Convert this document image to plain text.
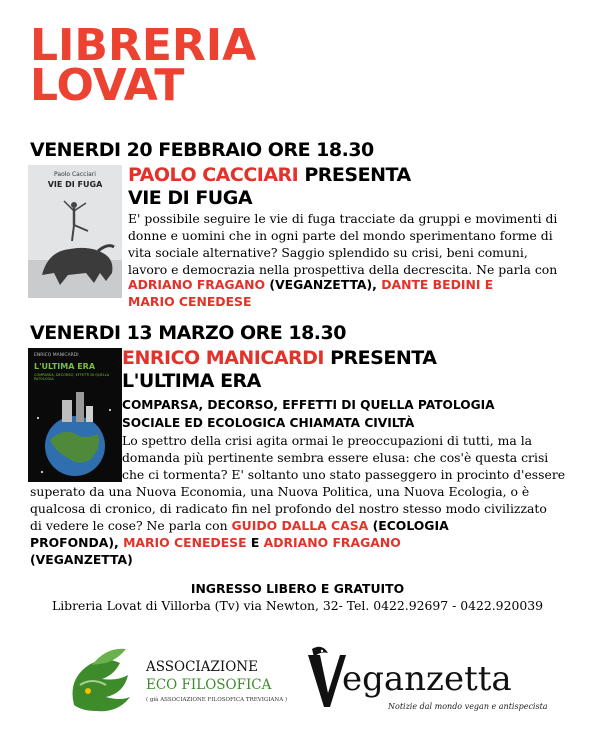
LIBRERIA
LOVAT
VENERDI 20 FEBBRAIO ORE 18.30
Paolo Cacciari
VIE DI FUGA	PAOLO CACCIARI PRESENTA
VIE DI FUGA
E' possibile seguire le vie di fuga tracciate da gruppi e movimenti di
donne e uomini che in ogni parte del mondo sperimentano forme di
vita sociale alternative? Saggio splendido su crisi, beni comuni,
lavoro e democrazia nella prospettiva della decrescita. Ne parla con
ADRIANO FRAGANO (VEGANZETTA), DANTE BEDINI E
MARIO CENEDESE
VENERDI 13 MARZO ORE 18.30
ENRICO MANICARDI
L'ULTIMA ERA
COMPARSA, DECORSO, EFFETTI DI QUELLA PATOLOGIA
ENRICO MANICARDI PRESENTA
L'ULTIMA ERA
COMPARSA, DECORSO, EFFETTI DI QUELLA PATOLOGIA
SOCIALE ED ECOLOGICA CHIAMATA CIVILTÀ
Lo spettro della crisi agita ormai le preoccupazioni di tutti, ma la
domanda più pertinente sembra essere elusa: che cos'è questa crisi
che ci tormenta? E' soltanto uno stato passeggero in procinto d'essere
superato da una Nuova Economia, una Nuova Politica, una Nuova Ecologia, o è
qualcosa di cronico, di radicato fin nel profondo del nostro stesso modo civilizzato
di vedere le cose? Ne parla con GUIDO DALLA CASA (ECOLOGIA
PROFONDA), MARIO CENEDESE E ADRIANO FRAGANO
(VEGANZETTA)
INGRESSO LIBERO E GRATUITO
Libreria Lovat di Villorba (Tv) via Newton, 32- Tel. 0422.92697 - 0422.920039
ASSOCIAZIONE
ECO FILOSOFICA
( già ASSOCIAZIONE FILOSOFICA TREVIGIANA )
eganzetta
Notizie dal mondo vegan e antispecista
